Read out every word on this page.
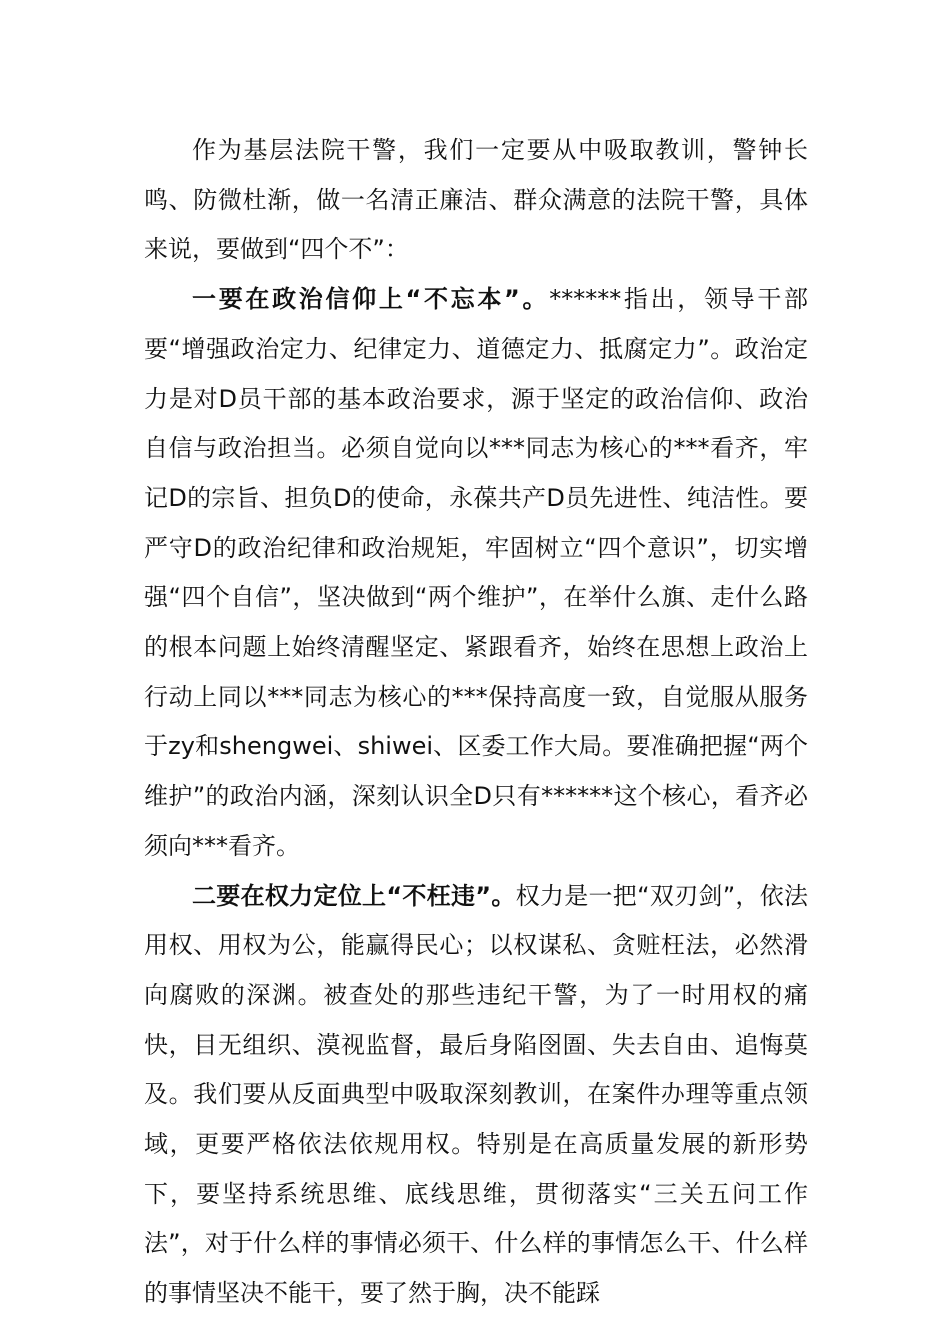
作为基层法院干警，我们一定要从中吸取教训，警钟长鸣、防微杜渐，做一名清正廉洁、群众满意的法院干警，具体来说，要做到“四个不”：

一要在政治信仰上“不忘本”。******指出，领导干部要“增强政治定力、纪律定力、道德定力、抵腐定力”。政治定力是对D员干部的基本政治要求，源于坚定的政治信仰、政治自信与政治担当。必须自觉向以***同志为核心的***看齐，牢记D的宗旨、担负D的使命，永葆共产D员先进性、纯洁性。要严守D的政治纪律和政治规矩，牢固树立“四个意识”，切实增强“四个自信”，坚决做到“两个维护”，在举什么旗、走什么路的根本问题上始终清醒坚定、紧跟看齐，始终在思想上政治上行动上同以***同志为核心的***保持高度一致，自觉服从服务于zy和shengwei、shiwei、区委工作大局。要准确把握“两个维护”的政治内涵，深刻认识全D只有******这个核心，看齐必须向***看齐。

二要在权力定位上“不枉违”。权力是一把“双刃剑”，依法用权、用权为公，能赢得民心；以权谋私、贪赃枉法，必然滑向腐败的深渊。被查处的那些违纪干警，为了一时用权的痛快，目无组织、漠视监督，最后身陷囹圄、失去自由、追悔莫及。我们要从反面典型中吸取深刻教训，在案件办理等重点领域，更要严格依法依规用权。特别是在高质量发展的新形势下，要坚持系统思维、底线思维，贯彻落实“三关五问工作法”，对于什么样的事情必须干、什么样的事情怎么干、什么样的事情坚决不能干，要了然于胸，决不能踩
